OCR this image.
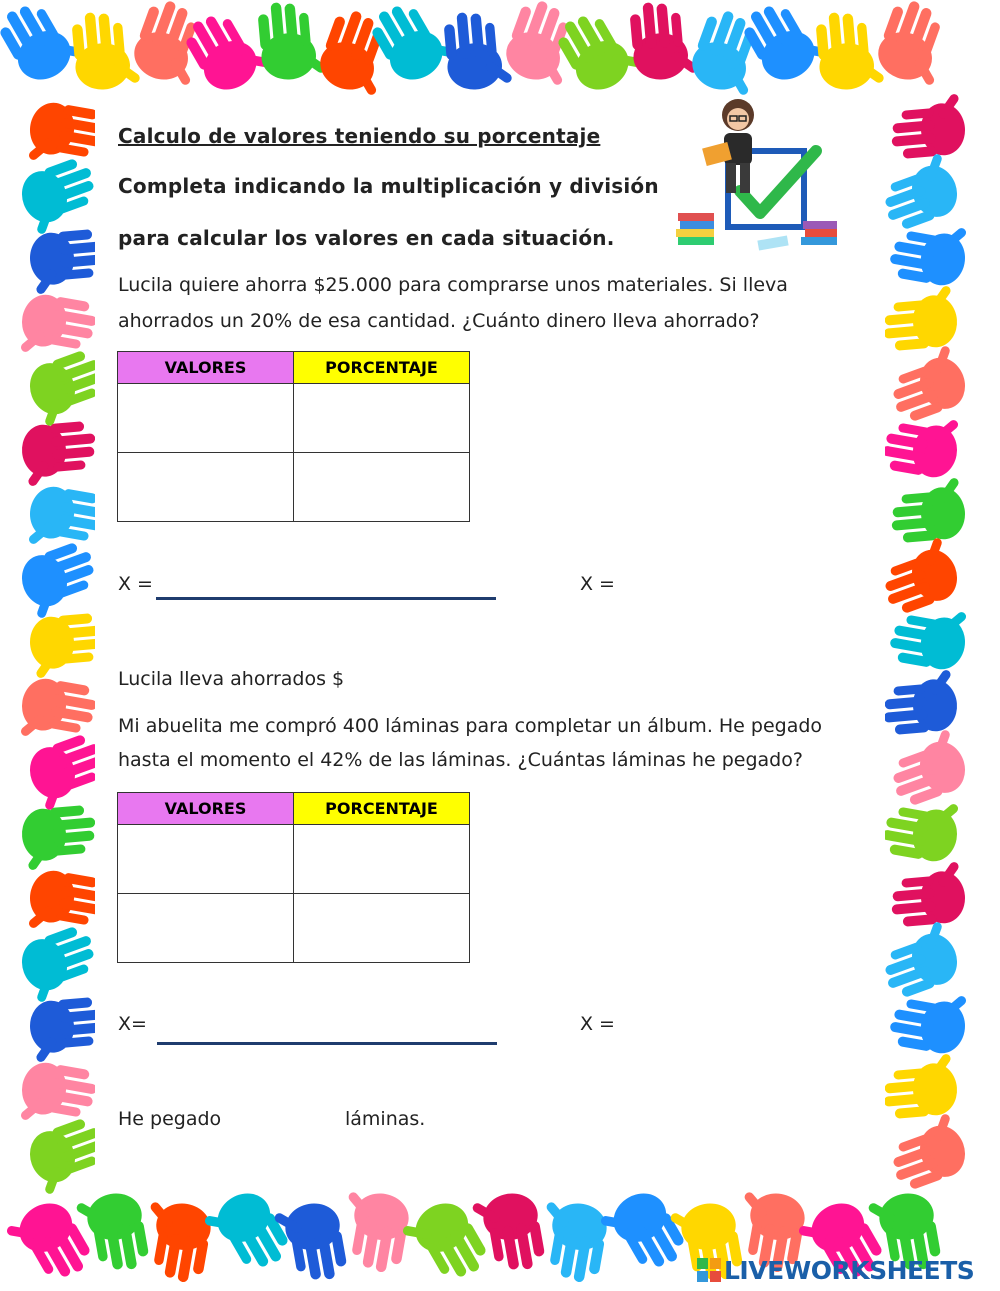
Calculo de valores teniendo su porcentaje
Completa indicando la multiplicación y división
para calcular los valores en cada situación.
Lucila quiere ahorra $25.000 para comprarse unos materiales. Si lleva
ahorrados un 20% de esa cantidad. ¿Cuánto dinero lleva ahorrado?
VALORES	PORCENTAJE

X =	X =
Lucila lleva ahorrados $
Mi abuelita me compró 400 láminas para completar un álbum. He pegado
hasta el momento el 42% de las láminas. ¿Cuántas láminas he pegado?
VALORES	PORCENTAJE

X=	X =
He pegado	láminas.
LIVEWORKSHEETS
